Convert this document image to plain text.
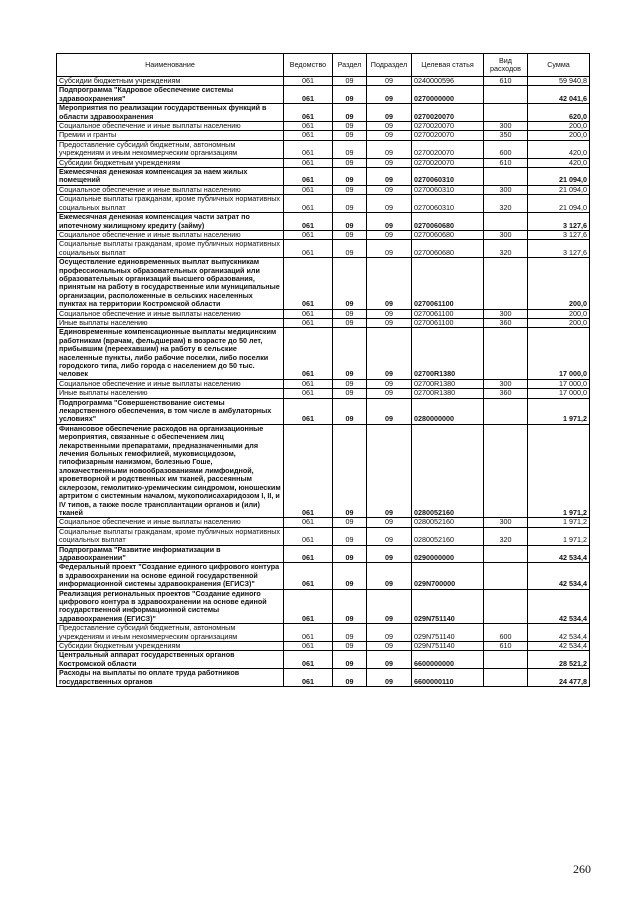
Наименование	Ведомство	Раздел	Подраздел	Целевая статья	Вид расходов	Сумма
Субсидии бюджетным учреждениям	061	09	09	0240000596	610	59 940,8
Подпрограмма "Кадровое обеспечение системы здравоохранения"	061	09	09	0270000000		42 041,6
Мероприятия по реализации государственных функций в области здравоохранения	061	09	09	0270020070		620,0
Социальное обеспечение и иные выплаты населению	061	09	09	0270020070	300	200,0
Премии и гранты	061	09	09	0270020070	350	200,0
Предоставление субсидий бюджетным, автономным учреждениям и иным некоммерческим организациям	061	09	09	0270020070	600	420,0
Субсидии бюджетным учреждениям	061	09	09	0270020070	610	420,0
Ежемесячная денежная компенсация за наем жилых помещений	061	09	09	0270060310		21 094,0
Социальное обеспечение и иные выплаты населению	061	09	09	0270060310	300	21 094,0
Социальные выплаты гражданам, кроме публичных нормативных социальных выплат	061	09	09	0270060310	320	21 094,0
Ежемесячная денежная компенсация части затрат по ипотечному жилищному кредиту (займу)	061	09	09	0270060680		3 127,6
Социальное обеспечение и иные выплаты населению	061	09	09	0270060680	300	3 127,6
Социальные выплаты гражданам, кроме публичных нормативных социальных выплат	061	09	09	0270060680	320	3 127,6
Осуществление единовременных выплат выпускникам профессиональных образовательных организаций или образовательных организаций высшего образования, принятым на работу в государственные или муниципальные организации, расположенные в сельских населенных пунктах на территории Костромской области	061	09	09	0270061100		200,0
Социальное обеспечение и иные выплаты населению	061	09	09	0270061100	300	200,0
Иные выплаты населению	061	09	09	0270061100	360	200,0
Единовременные компенсационные выплаты медицинским работникам (врачам, фельдшерам) в возрасте до 50 лет, прибывшим (переехавшим) на работу в сельские населенные пункты, либо рабочие поселки, либо поселки городского типа, либо города с населением до 50 тыс. человек	061	09	09	02700R1380		17 000,0
Социальное обеспечение и иные выплаты населению	061	09	09	02700R1380	300	17 000,0
Иные выплаты населению	061	09	09	02700R1380	360	17 000,0
Подпрограмма "Совершенствование системы лекарственного обеспечения, в том числе в амбулаторных условиях"	061	09	09	0280000000		1 971,2
Финансовое обеспечение расходов на организационные мероприятия, связанные с обеспечением лиц лекарственными препаратами, предназначенными для лечения больных гемофилией, муковисцидозом, гипофизарным нанизмом, болезнью Гоше, злокачественными новообразованиями лимфоидной, кроветворной и родственных им тканей, рассеянным склерозом, гемолитико-уремическим синдромом, юношеским артритом с системным началом, мукополисахаридозом I, II, и IV типов, а также после трансплантации органов и (или) тканей	061	09	09	0280052160		1 971,2
Социальное обеспечение и иные выплаты населению	061	09	09	0280052160	300	1 971,2
Социальные выплаты гражданам, кроме публичных нормативных социальных выплат	061	09	09	0280052160	320	1 971,2
Подпрограмма "Развитие информатизации в здравоохранении"	061	09	09	0290000000		42 534,4
Федеральный проект "Создание единого цифрового контура в здравоохранении на основе единой государственной информационной системы здравоохранения (ЕГИСЗ)"	061	09	09	029N700000		42 534,4
Реализация региональных проектов "Создание единого цифрового контура в здравоохранении на основе единой государственной информационной системы здравоохранения (ЕГИСЗ)"	061	09	09	029N751140		42 534,4
Предоставление субсидий бюджетным, автономным учреждениям и иным некоммерческим организациям	061	09	09	029N751140	600	42 534,4
Субсидии бюджетным учреждениям	061	09	09	029N751140	610	42 534,4
Центральный аппарат государственных органов Костромской области	061	09	09	6600000000		28 521,2
Расходы на выплаты по оплате труда работников государственных органов	061	09	09	6600000110		24 477,8
260
